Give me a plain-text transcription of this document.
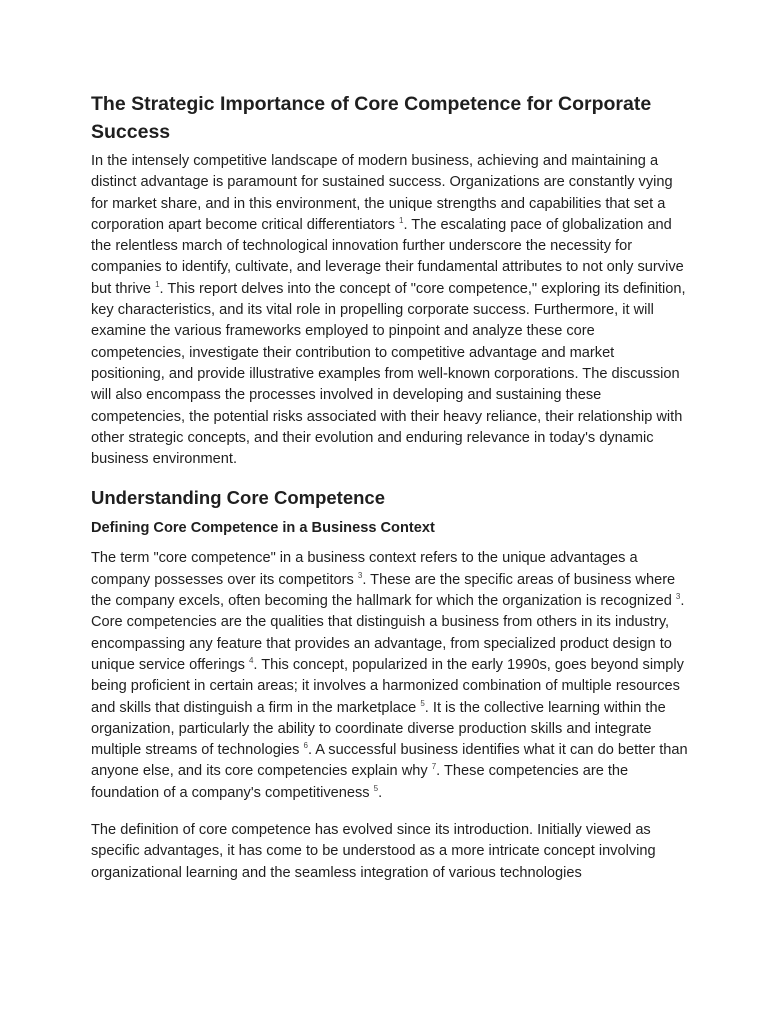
The Strategic Importance of Core Competence for Corporate Success

In the intensely competitive landscape of modern business, achieving and maintaining a distinct advantage is paramount for sustained success. Organizations are constantly vying for market share, and in this environment, the unique strengths and capabilities that set a corporation apart become critical differentiators $^1$. The escalating pace of globalization and the relentless march of technological innovation further underscore the necessity for companies to identify, cultivate, and leverage their fundamental attributes to not only survive but thrive $^1$. This report delves into the concept of "core competence," exploring its definition, key characteristics, and its vital role in propelling corporate success. Furthermore, it will examine the various frameworks employed to pinpoint and analyze these core competencies, investigate their contribution to competitive advantage and market positioning, and provide illustrative examples from well-known corporations. The discussion will also encompass the processes involved in developing and sustaining these competencies, the potential risks associated with their heavy reliance, their relationship with other strategic concepts, and their evolution and enduring relevance in today's dynamic business environment.

Understanding Core Competence
Defining Core Competence in a Business Context

The term "core competence" in a business context refers to the unique advantages a company possesses over its competitors $^3$. These are the specific areas of business where the company excels, often becoming the hallmark for which the organization is recognized $^3$. Core competencies are the qualities that distinguish a business from others in its industry, encompassing any feature that provides an advantage, from specialized product design to unique service offerings $^4$. This concept, popularized in the early 1990s, goes beyond simply being proficient in certain areas; it involves a harmonized combination of multiple resources and skills that distinguish a firm in the marketplace $^5$. It is the collective learning within the organization, particularly the ability to coordinate diverse production skills and integrate multiple streams of technologies $^6$. A successful business identifies what it can do better than anyone else, and its core competencies explain why $^7$. These competencies are the foundation of a company's competitiveness $^5$.

The definition of core competence has evolved since its introduction. Initially viewed as specific advantages, it has come to be understood as a more intricate concept involving organizational learning and the seamless integration of various technologies
